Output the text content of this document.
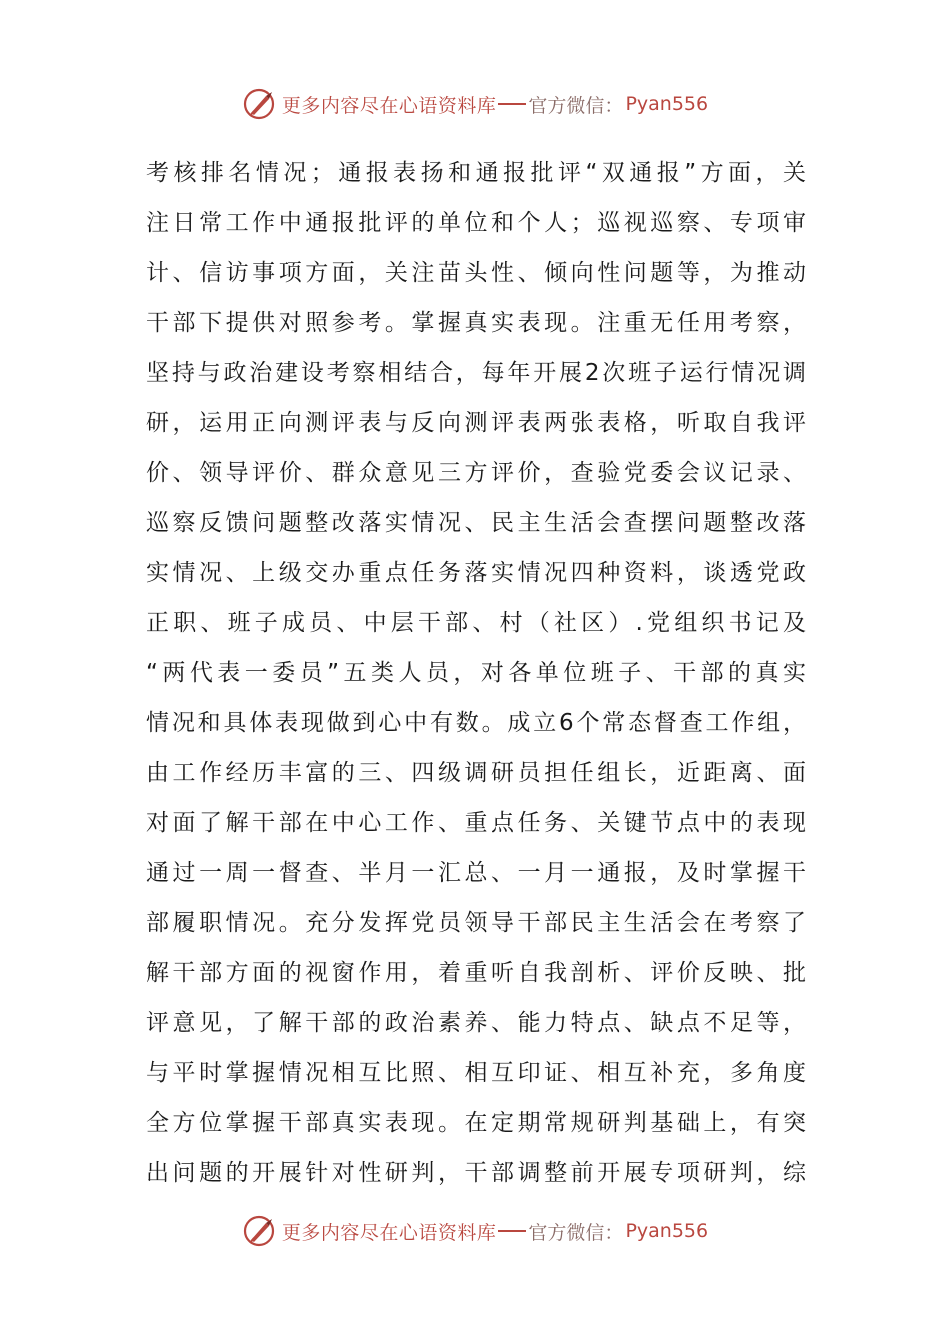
更多内容尽在心语资料库 官方微信： Pyan556
考核排名情况；通报表扬和通报批评“双通报”方面，关
注日常工作中通报批评的单位和个人；巡视巡察、专项审
计、信访事项方面，关注苗头性、倾向性问题等，为推动
干部下提供对照参考。掌握真实表现。注重无任用考察，
坚持与政治建设考察相结合，每年开展2次班子运行情况调
研，运用正向测评表与反向测评表两张表格，听取自我评
价、领导评价、群众意见三方评价，查验党委会议记录、
巡察反馈问题整改落实情况、民主生活会查摆问题整改落
实情况、上级交办重点任务落实情况四种资料，谈透党政
正职、班子成员、中层干部、村（社区）.党组织书记及
“两代表一委员”五类人员，对各单位班子、干部的真实
情况和具体表现做到心中有数。成立6个常态督查工作组，
由工作经历丰富的三、四级调研员担任组长，近距离、面
对面了解干部在中心工作、重点任务、关键节点中的表现
通过一周一督查、半月一汇总、一月一通报，及时掌握干
部履职情况。充分发挥党员领导干部民主生活会在考察了
解干部方面的视窗作用，着重听自我剖析、评价反映、批
评意见，了解干部的政治素养、能力特点、缺点不足等，
与平时掌握情况相互比照、相互印证、相互补充，多角度
全方位掌握干部真实表现。在定期常规研判基础上，有突
出问题的开展针对性研判，干部调整前开展专项研判，综
更多内容尽在心语资料库 官方微信： Pyan556
